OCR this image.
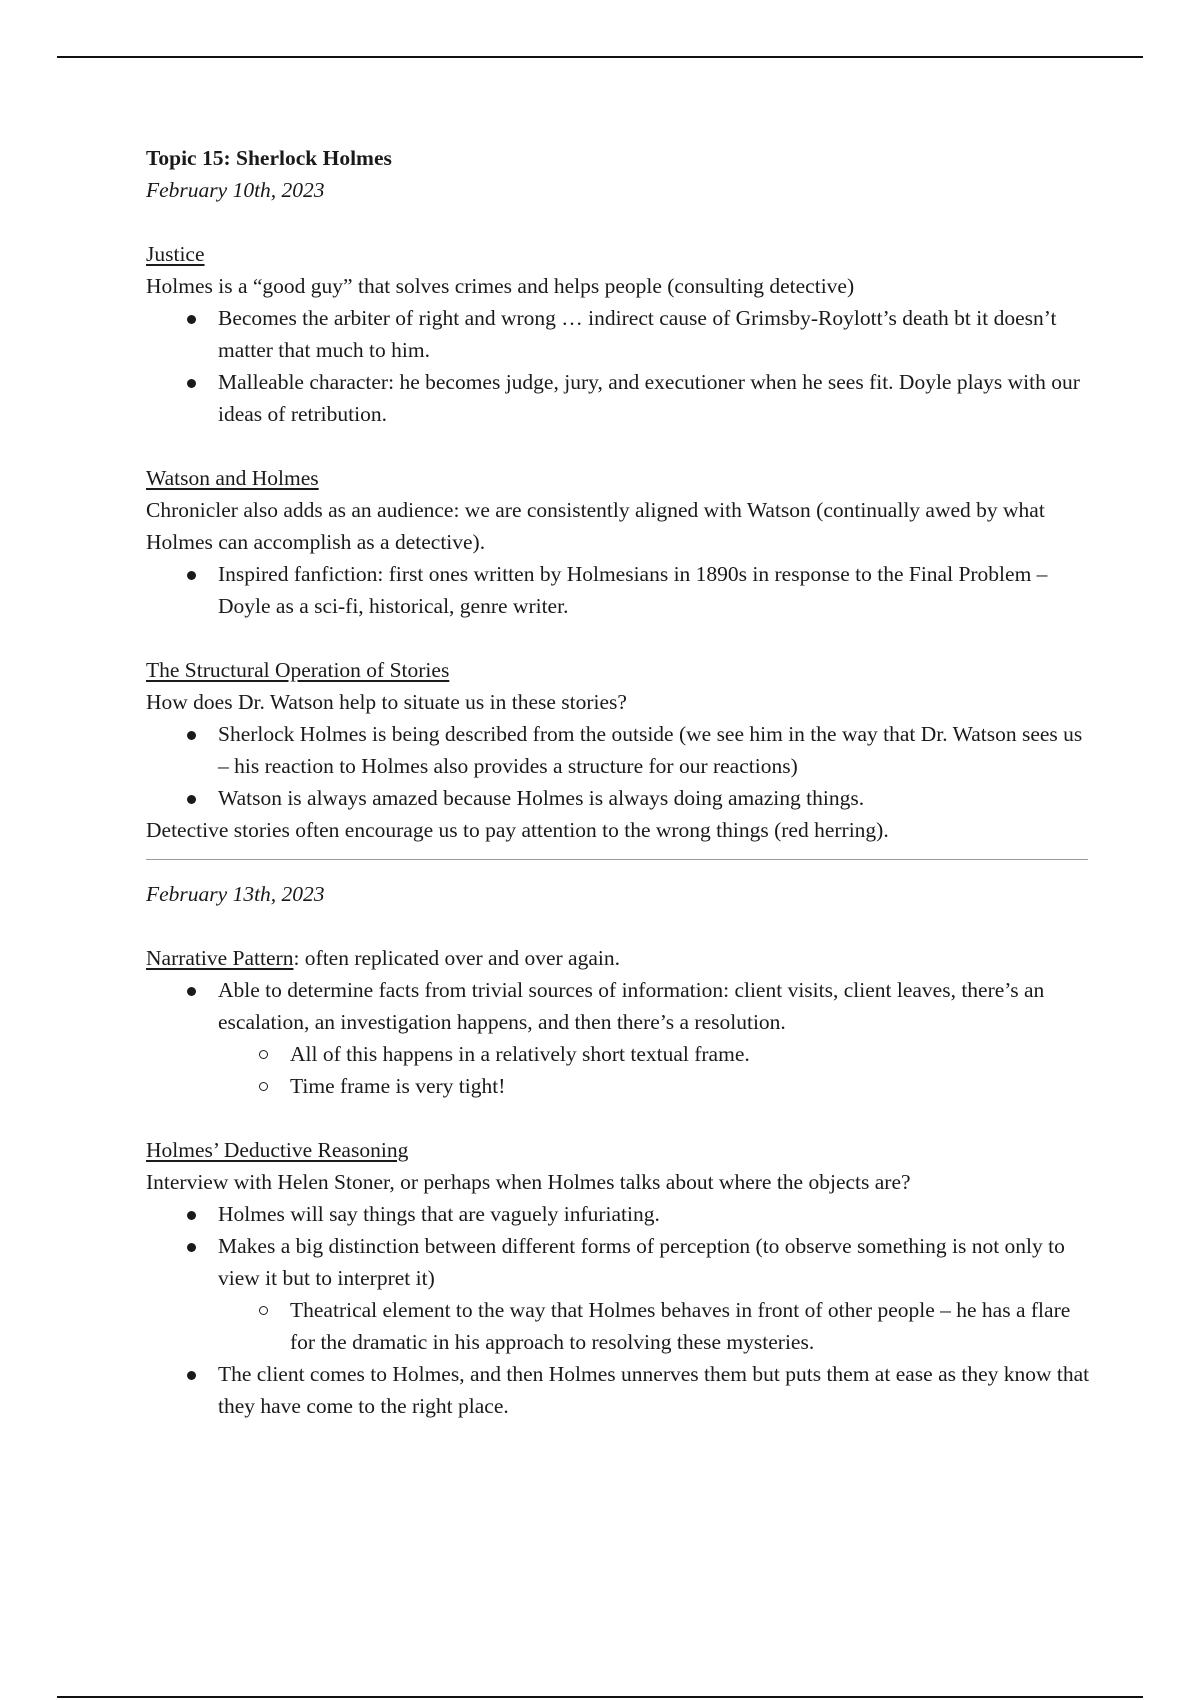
Topic 15: Sherlock Holmes

February 10th, 2023

Justice

Holmes is a “good guy” that solves crimes and helps people (consulting detective)

Becomes the arbiter of right and wrong … indirect cause of Grimsby-Roylott’s death bt it doesn’t matter that much to him.
Malleable character: he becomes judge, jury, and executioner when he sees fit. Doyle plays with our ideas of retribution.

Watson and Holmes

Chronicler also adds as an audience: we are consistently aligned with Watson (continually awed by what Holmes can accomplish as a detective).

Inspired fanfiction: first ones written by Holmesians in 1890s in response to the Final Problem – Doyle as a sci-fi, historical, genre writer.

The Structural Operation of Stories

How does Dr. Watson help to situate us in these stories?

Sherlock Holmes is being described from the outside (we see him in the way that Dr. Watson sees us – his reaction to Holmes also provides a structure for our reactions)
Watson is always amazed because Holmes is always doing amazing things.

Detective stories often encourage us to pay attention to the wrong things (red herring).

February 13th, 2023

Narrative Pattern: often replicated over and over again.

Able to determine facts from trivial sources of information: client visits, client leaves, there’s an escalation, an investigation happens, and then there’s a resolution.
All of this happens in a relatively short textual frame.
Time frame is very tight!

Holmes’ Deductive Reasoning

Interview with Helen Stoner, or perhaps when Holmes talks about where the objects are?

Holmes will say things that are vaguely infuriating.
Makes a big distinction between different forms of perception (to observe something is not only to view it but to interpret it)
Theatrical element to the way that Holmes behaves in front of other people – he has a flare for the dramatic in his approach to resolving these mysteries.
The client comes to Holmes, and then Holmes unnerves them but puts them at ease as they know that they have come to the right place.
